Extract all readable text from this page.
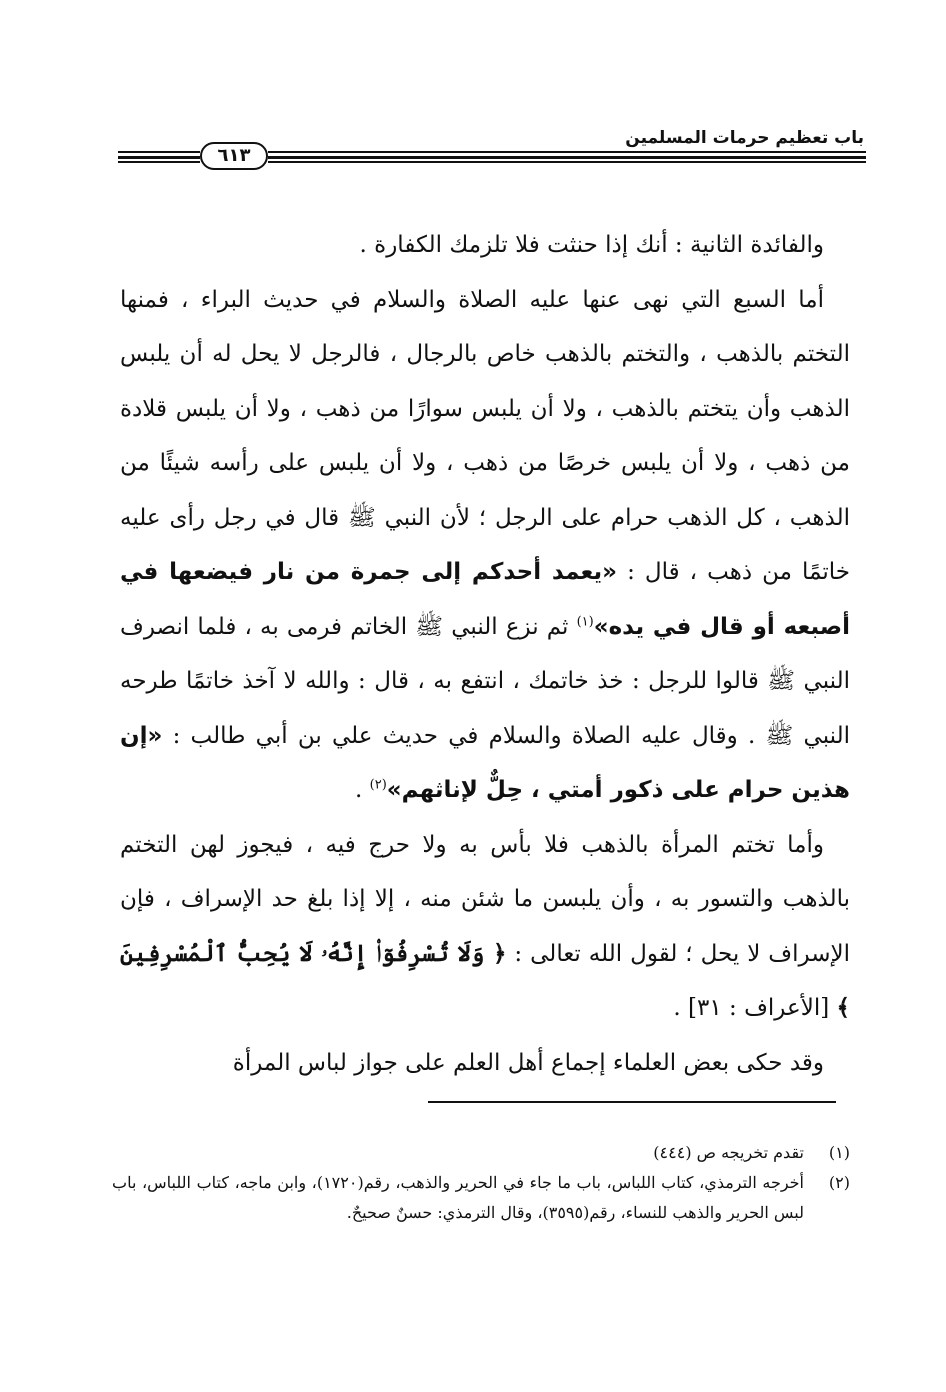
باب تعظيم حرمات المسلمين
٦١٣

والفائدة الثانية : أنك إذا حنثت فلا تلزمك الكفارة .

أما السبع التي نهى عنها عليه الصلاة والسلام في حديث البراء ، فمنها التختم بالذهب ، والتختم بالذهب خاص بالرجال ، فالرجل لا يحل له أن يلبس الذهب وأن يتختم بالذهب ، ولا أن يلبس سوارًا من ذهب ، ولا أن يلبس قلادة من ذهب ، ولا أن يلبس خرصًا من ذهب ، ولا أن يلبس على رأسه شيئًا من الذهب ، كل الذهب حرام على الرجل ؛ لأن النبي ﷺ قال في رجل رأى عليه خاتمًا من ذهب ، قال : «يعمد أحدكم إلى جمرة من نار فيضعها في أصبعه أو قال في يده»$^{(١)}$ ثم نزع النبي ﷺ الخاتم فرمى به ، فلما انصرف النبي ﷺ قالوا للرجل : خذ خاتمك ، انتفع به ، قال : والله لا آخذ خاتمًا طرحه النبي ﷺ . وقال عليه الصلاة والسلام في حديث علي بن أبي طالب : «إن هذين حرام على ذكور أمتي ، حِلٌّ لإناثهم»$^{(٢)}$ .

وأما تختم المرأة بالذهب فلا بأس به ولا حرج فيه ، فيجوز لهن التختم بالذهب والتسور به ، وأن يلبسن ما شئن منه ، إلا إذا بلغ حد الإسراف ، فإن الإسراف لا يحل ؛ لقول الله تعالى : ﴿ وَلَا تُسْرِفُوٓا۟ إِنَّهُۥ لَا يُحِبُّ ٱلْمُسْرِفِينَ ﴾ [الأعراف : ٣١] .

وقد حكى بعض العلماء إجماع أهل العلم على جواز لباس المرأة

(١)
تقدم تخريجه ص (٤٤٤)
(٢)
أخرجه الترمذي، كتاب اللباس، باب ما جاء في الحرير والذهب، رقم(١٧٢٠)، وابن ماجه، كتاب اللباس، باب لبس الحرير والذهب للنساء، رقم(٣٥٩٥)، وقال الترمذي: حسنٌ صحيحٌ.
